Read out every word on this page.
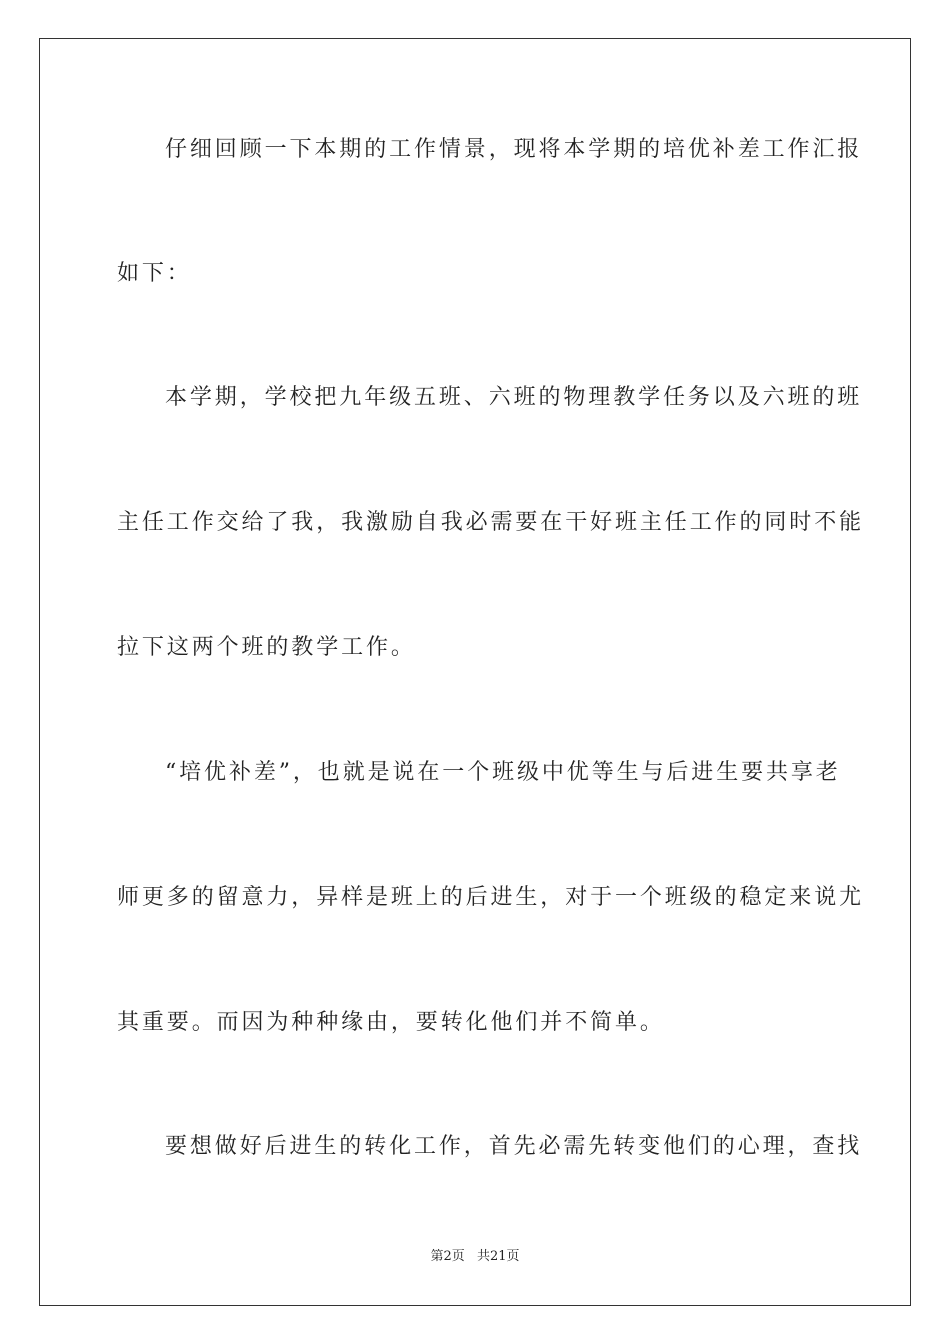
仔细回顾一下本期的工作情景，现将本学期的培优补差工作汇报
如下：
本学期，学校把九年级五班、六班的物理教学任务以及六班的班
主任工作交给了我，我激励自我必需要在干好班主任工作的同时不能
拉下这两个班的教学工作。
“培优补差”，也就是说在一个班级中优等生与后进生要共享老
师更多的留意力，异样是班上的后进生，对于一个班级的稳定来说尤
其重要。而因为种种缘由，要转化他们并不简单。
要想做好后进生的转化工作，首先必需先转变他们的心理，查找
第2页 共21页
